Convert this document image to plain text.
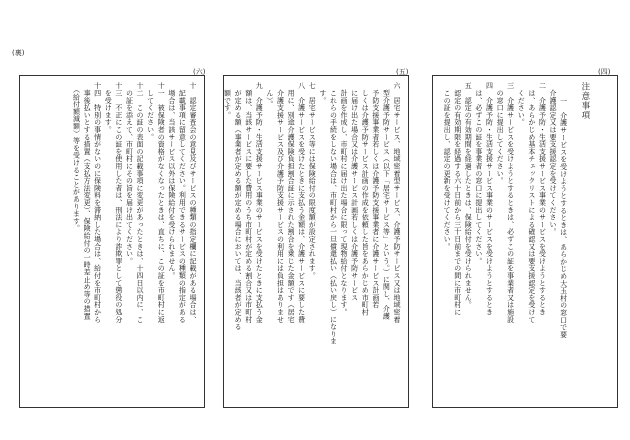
(裏)
(四)
(五)
(六)

注意事項

一　介護サービスを受けようとするときは、あらかじめ大玉村の窓口で要
　介護認定又は要支援認定を受けてください。
二　介護予防・生活支援サービス事業のサービスを受けようとするとき
　は、あらかじめ基本チェックリストによる確認又は要支援認定を受けて
　ください。
三　介護サービスを受けようとするときは、必ずこの証を事業者又は施設
　の窓口に提出してください。
四　介護予防・生活支援サービス事業のサービスを受けようとするとき
　は、必ずこの証を事業者の窓口に提出してください。
五　認定の有効期間を経過したときは、保険給付を受けられません。
　認定の有効期限を経過する六十日前から三十日前までの間に市町村に
　この証を提出し、認定の更新を受けてください。

六　居宅サービス、地域密着型サービス、介護予防サービス又は地域密着
　型介護予防サービス（以下「居宅サービス等」という。）に関し、介護
　予防支援事業者若しくは介護予防支援事業者に介護サービス計画若
　しくは介護予防サービス計画の作成を依頼した旨をあらかじめ市町村
　に届け出た場合又は介護サービス計画若しくは介護予防サービス
　計画を作成し、市町村に届け出た場合に限って現物給付となります。
　これらの手続をしない場合は、市町村から一旦償還払い（払い戻し）になりま
　す。
七　居宅サービス等には保険給付の限度額が設定されます。
八　介護サービスを受けたときに支払う金額は、介護サービスに要した費
　用に、別途介護保険負担割合証に示された割合を乗じた金額です（居宅
　介護支援サービス及び介護予防支援サービスの利用には負担はありませ
　ん）。
九　介護予防・生活支援サービス事業のサービスを受けたときに支払う金
　額は、当該サービスに要した費用のうち市町村が定める割合又は市町村
　が定める額（事業者が定める額が定める場合においては、当該者が定める
　額です。
十　認定審査会の意見及びサービスの種類の指定欄に記載がある場合は、
　記載事項に留意してください。利用できるサービスの種類の指定がある
　場合は、当該サービス以外は保険給付を受けられません。
十一　被保険者の資格がなくなったときは、直ちに、この証を市町村に返
　してください。
十二　この証の表面の記載事項に変更があったときは、十四日以内に、こ
　の証を添えて、市町村にその旨を届け出てください。
十三　不正にこの証を使用した者は、刑法により詐欺罪として懲役の処分
　を受けます。
十四　特別の事情がないのに保険料を滞納した場合は、給付を市町村から
　事後払いとする措置（支払方法変更）、保険給付の一時差止め等の措置
　（給付額減額）等を受けることがあります。
